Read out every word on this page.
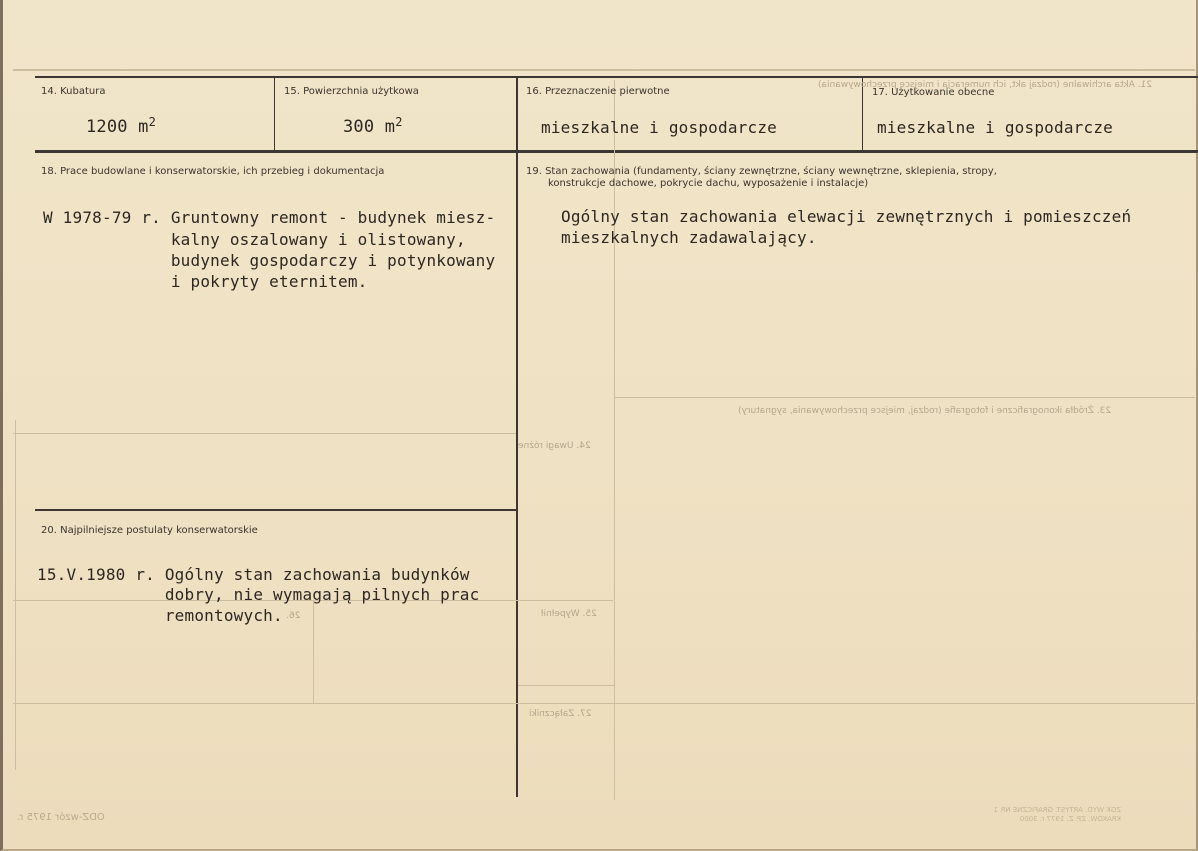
14. Kubatura
1200 $m^2$
15. Powierzchnia użytkowa
300 $m^2$
16. Przeznaczenie pierwotne
mieszkalne i gospodarcze
17. Użytkowanie obecne
mieszkalne i gospodarcze
18. Prace budowlane i konserwatorskie, ich przebieg i dokumentacja
W 1978-79 r. Gruntowny remont - budynek miesz-
kalny oszalowany i olistowany,
budynek gospodarczy i potynkowany
i pokryty eternitem.
19. Stan zachowania (fundamenty, ściany zewnętrzne, ściany wewnętrzne, sklepienia, stropy,
konstrukcje dachowe, pokrycie dachu, wyposażenie i instalacje)
Ogólny stan zachowania elewacji zewnętrznych i pomieszczeń
mieszkalnych zadawalający.
20. Najpilniejsze postulaty konserwatorskie
15.V.1980 r. Ogólny stan zachowania budynków
dobry, nie wymagają pilnych prac
remontowych.
21. Akta archiwalne (rodzaj akt, ich numeracja i miejsce przechowywania)
23. Źródła ikonograficzne i fotografie (rodzaj, miejsce przechowywania, sygnatury)
24. Uwagi różne
25. Wypełnił
26.
27. Załączniki
ODZ-wzór 1975 r.
ZGK WYD. ARTYST. GRAFICZNE NR 1 KRAKÓW, ZP. Z. 1977 r. 3000
